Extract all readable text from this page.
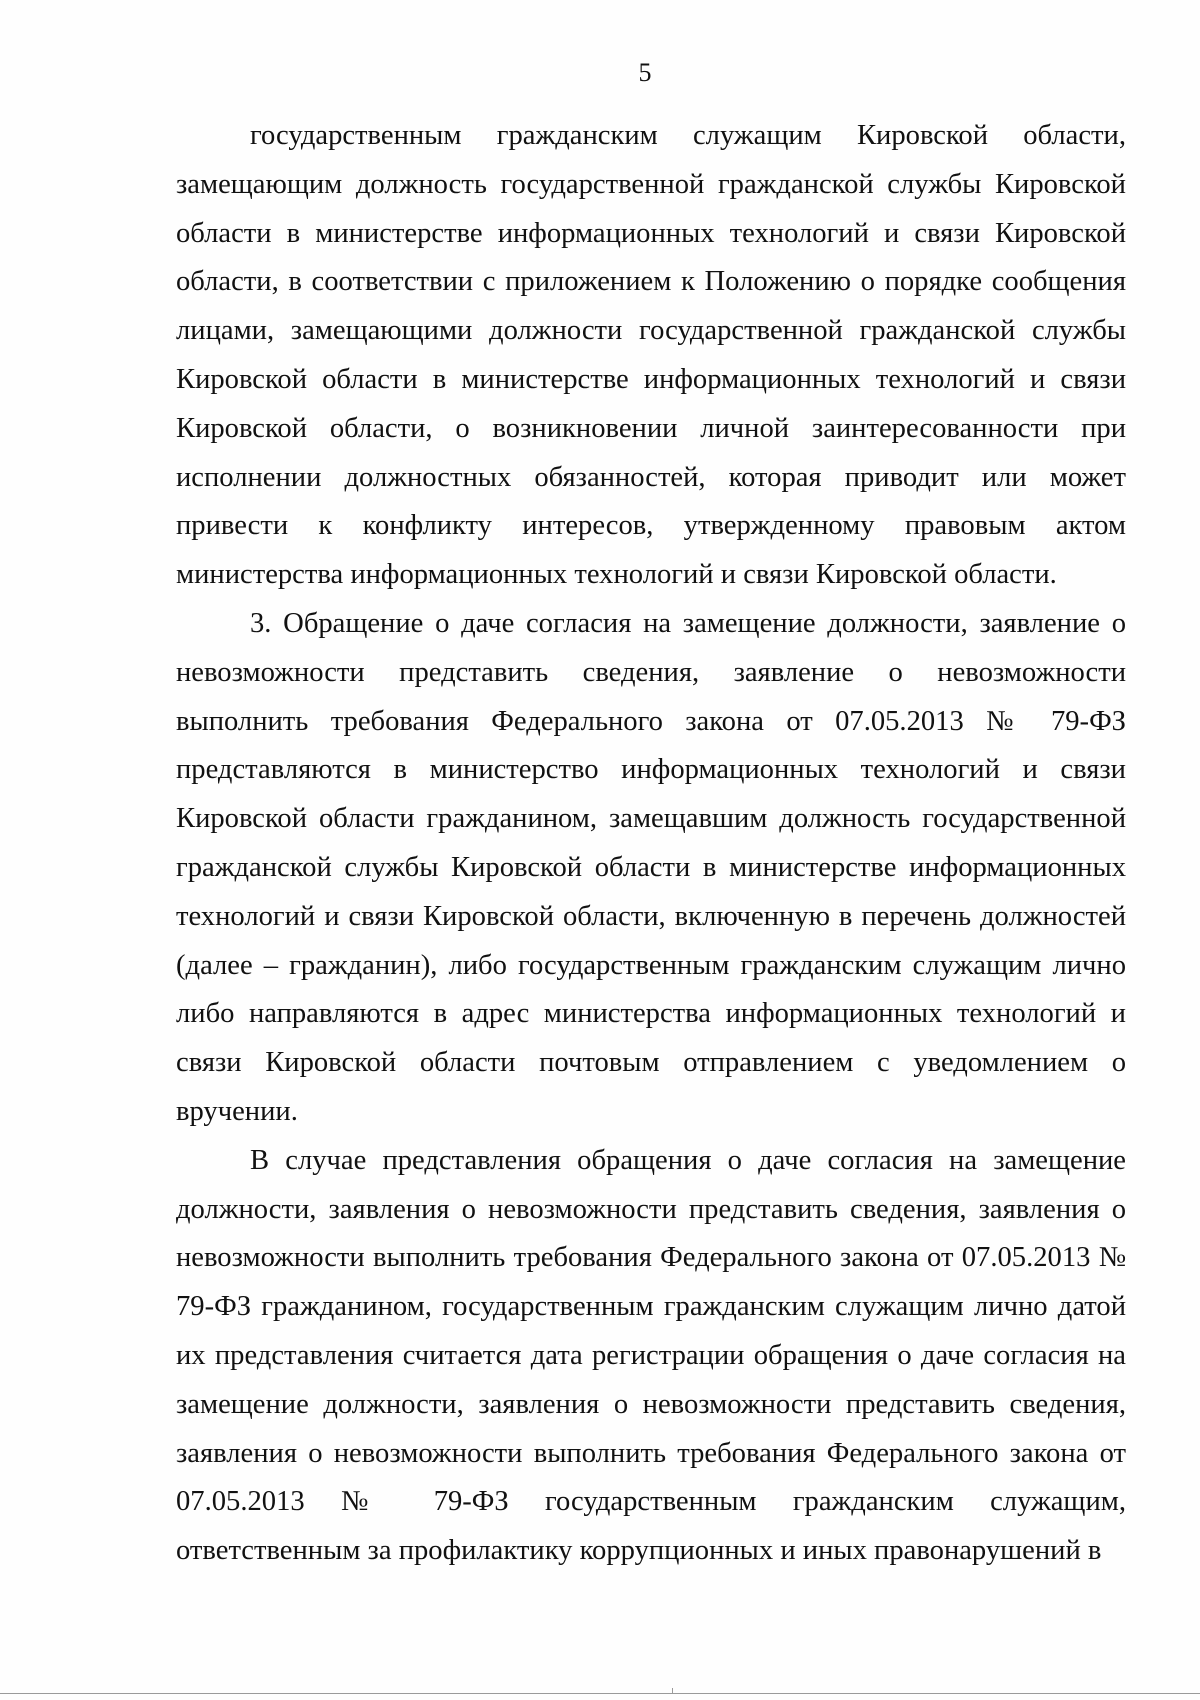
5

государственным гражданским служащим Кировской области, замещающим должность государственной гражданской службы Кировской области в министерстве информационных технологий и связи Кировской области, в соответствии с приложением к Положению о порядке сообщения лицами, замещающими должности государственной гражданской службы Кировской области в министерстве информационных технологий и связи Кировской области, о возникновении личной заинтересованности при исполнении должностных обязанностей, которая приводит или может привести к конфликту интересов, утвержденному правовым актом министерства информационных технологий и связи Кировской области.

3. Обращение о даче согласия на замещение должности, заявление о невозможности представить сведения, заявление о невозможности выполнить требования Федерального закона от 07.05.2013 № 79-ФЗ представляются в министерство информационных технологий и связи Кировской области гражданином, замещавшим должность государственной гражданской службы Кировской области в министерстве информационных технологий и связи Кировской области, включенную в перечень должностей (далее – гражданин), либо государственным гражданским служащим лично либо направляются в адрес министерства информационных технологий и связи Кировской области почтовым отправлением с уведомлением о вручении.

В случае представления обращения о даче согласия на замещение должности, заявления о невозможности представить сведения, заявления о невозможности выполнить требования Федерального закона от 07.05.2013 № 79-ФЗ гражданином, государственным гражданским служащим лично датой их представления считается дата регистрации обращения о даче согласия на замещение должности, заявления о невозможности представить сведения, заявления о невозможности выполнить требования Федерального закона от 07.05.2013 № 79-ФЗ государственным гражданским служащим, ответственным за профилактику коррупционных и иных правонарушений в
